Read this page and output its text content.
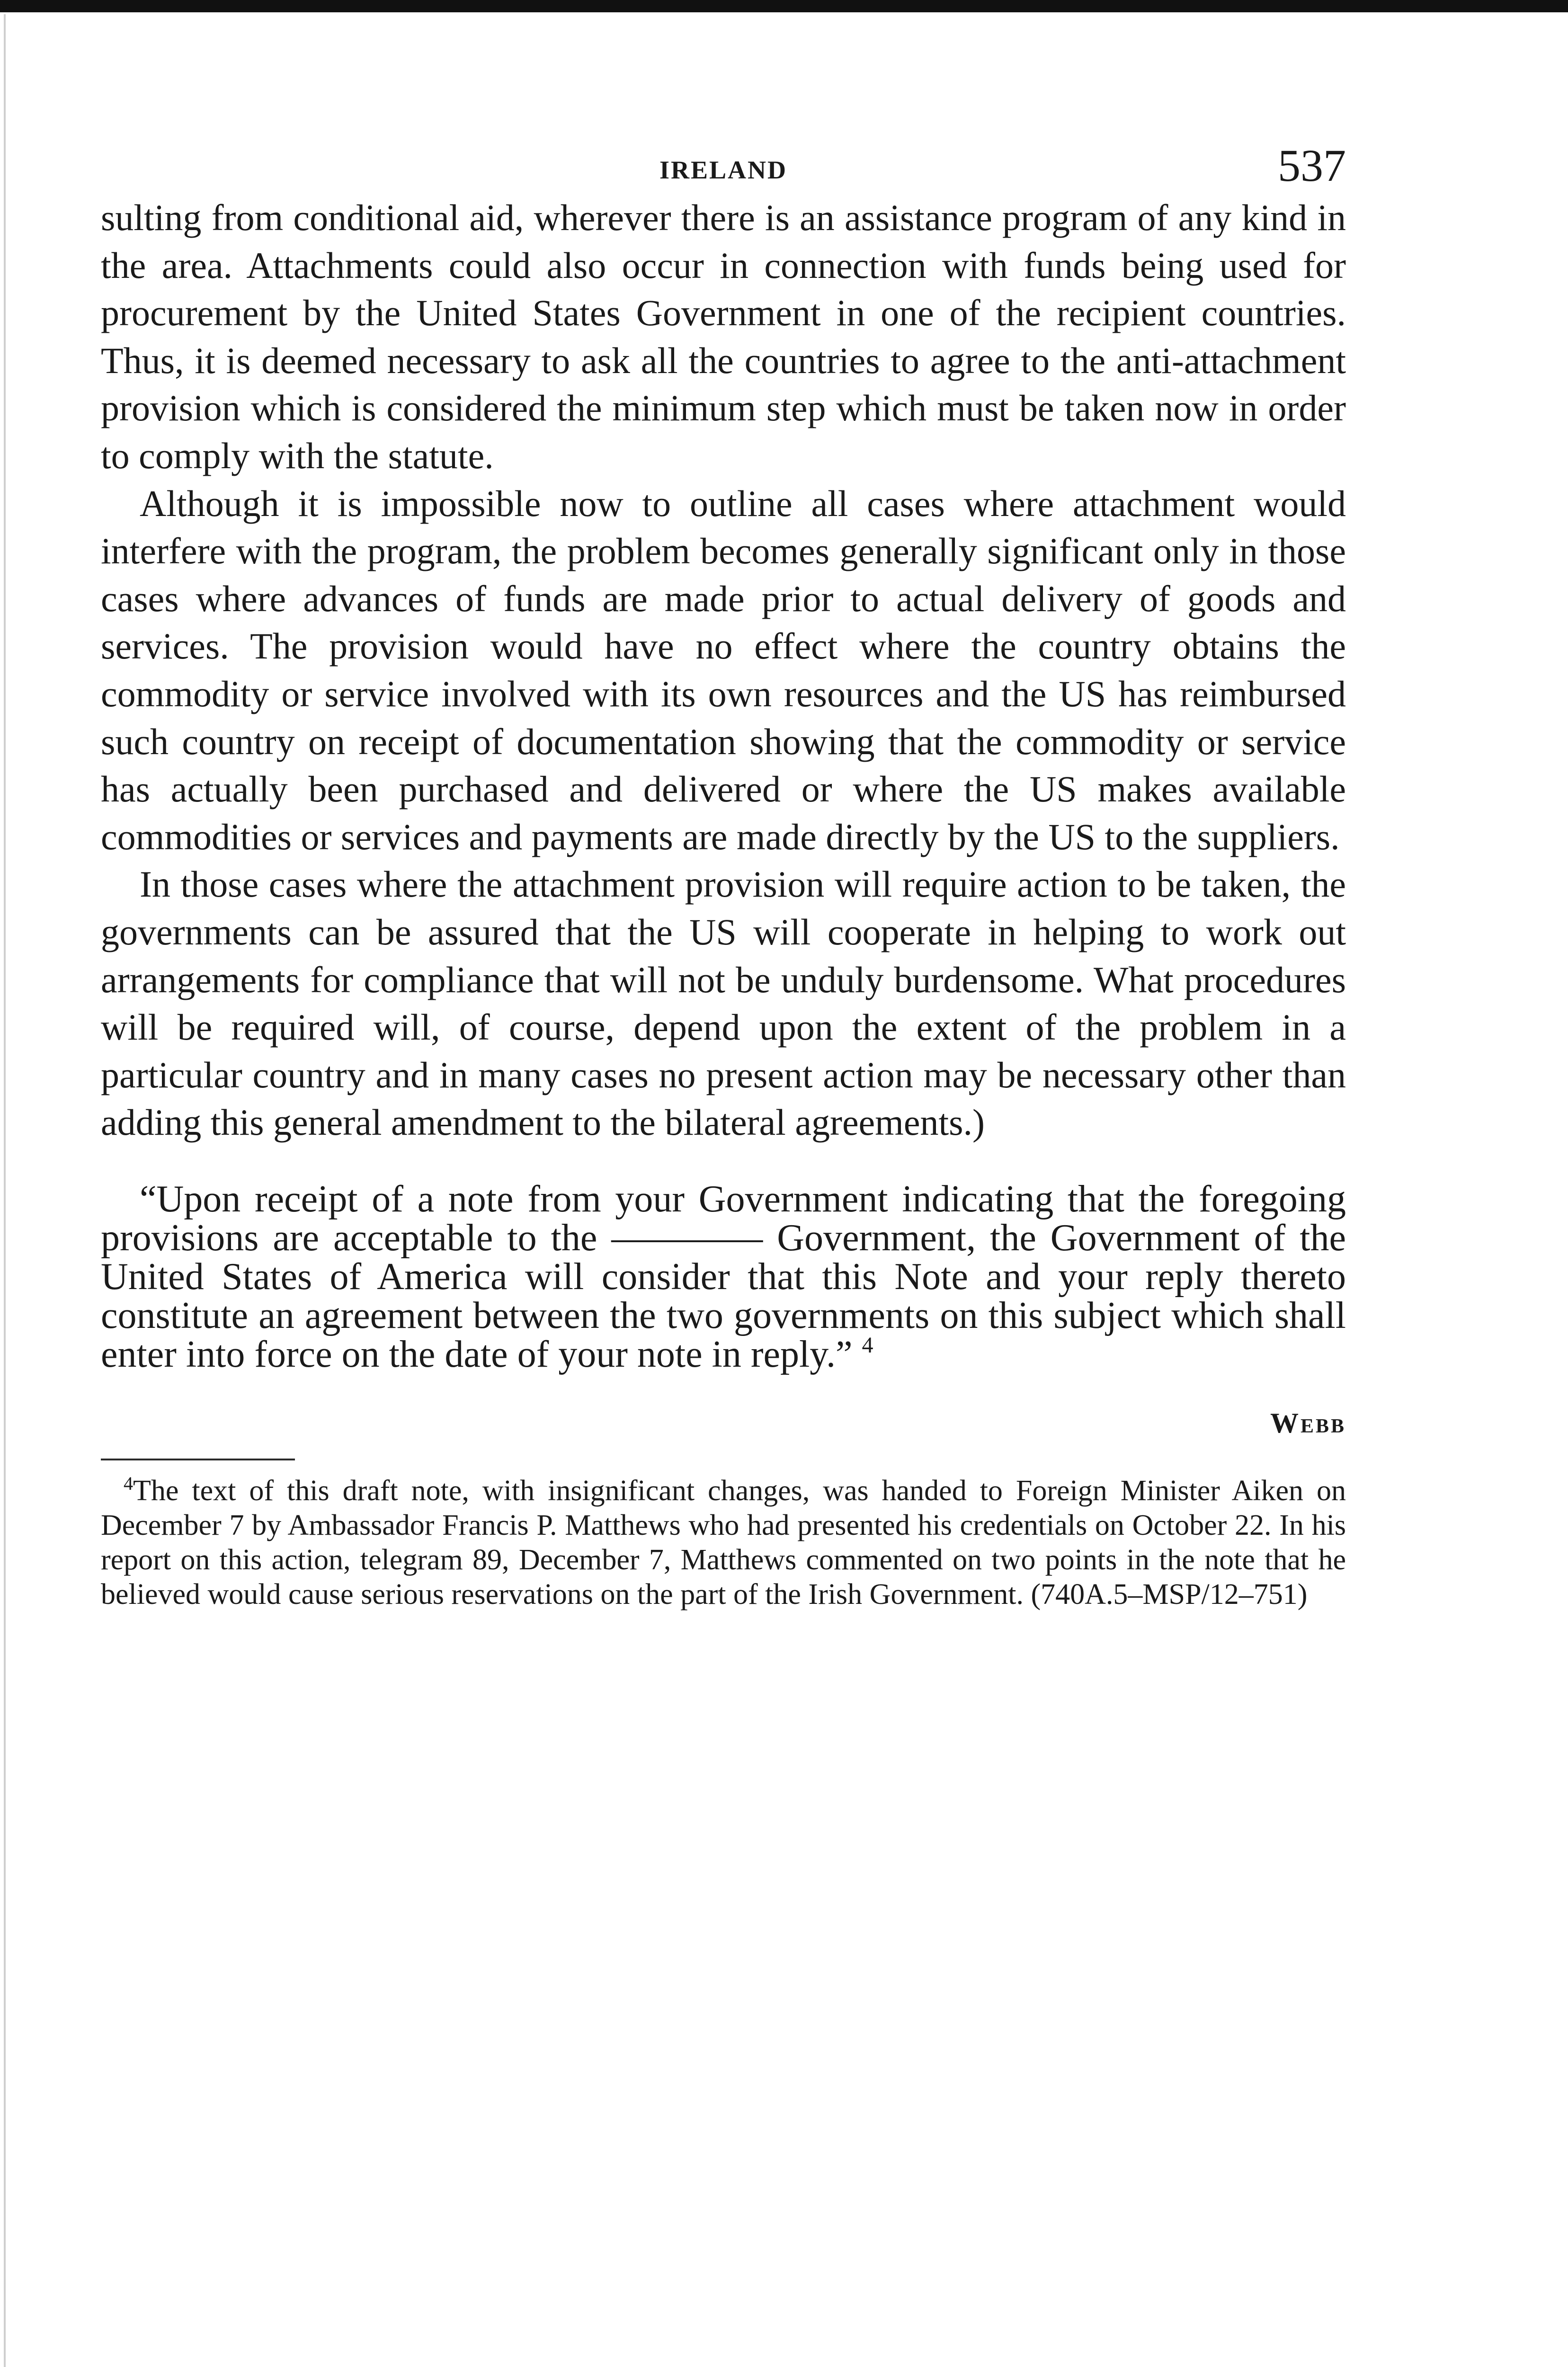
IRELAND	537

sulting from conditional aid, wherever there is an assistance program of any kind in the area. Attachments could also occur in connection with funds being used for procurement by the United States Government in one of the recipient countries. Thus, it is deemed necessary to ask all the countries to agree to the anti-attachment provision which is considered the minimum step which must be taken now in order to comply with the statute.

Although it is impossible now to outline all cases where attachment would interfere with the program, the problem becomes generally significant only in those cases where advances of funds are made prior to actual delivery of goods and services. The provision would have no effect where the country obtains the commodity or service involved with its own resources and the US has reimbursed such country on receipt of documentation showing that the commodity or service has actually been purchased and delivered or where the US makes available commodities or services and payments are made directly by the US to the suppliers.

In those cases where the attachment provision will require action to be taken, the governments can be assured that the US will cooperate in helping to work out arrangements for compliance that will not be unduly burdensome. What procedures will be required will, of course, depend upon the extent of the problem in a particular country and in many cases no present action may be necessary other than adding this general amendment to the bilateral agreements.)

“Upon receipt of a note from your Government indicating that the foregoing provisions are acceptable to the ———— Government, the Government of the United States of America will consider that this Note and your reply thereto constitute an agreement between the two governments on this subject which shall enter into force on the date of your note in reply.” $^4$

Webb

$^4$The text of this draft note, with insignificant changes, was handed to Foreign Minister Aiken on December 7 by Ambassador Francis P. Matthews who had presented his credentials on October 22. In his report on this action, telegram 89, December 7, Matthews commented on two points in the note that he believed would cause serious reservations on the part of the Irish Government. (740A.5–MSP/12–751)
